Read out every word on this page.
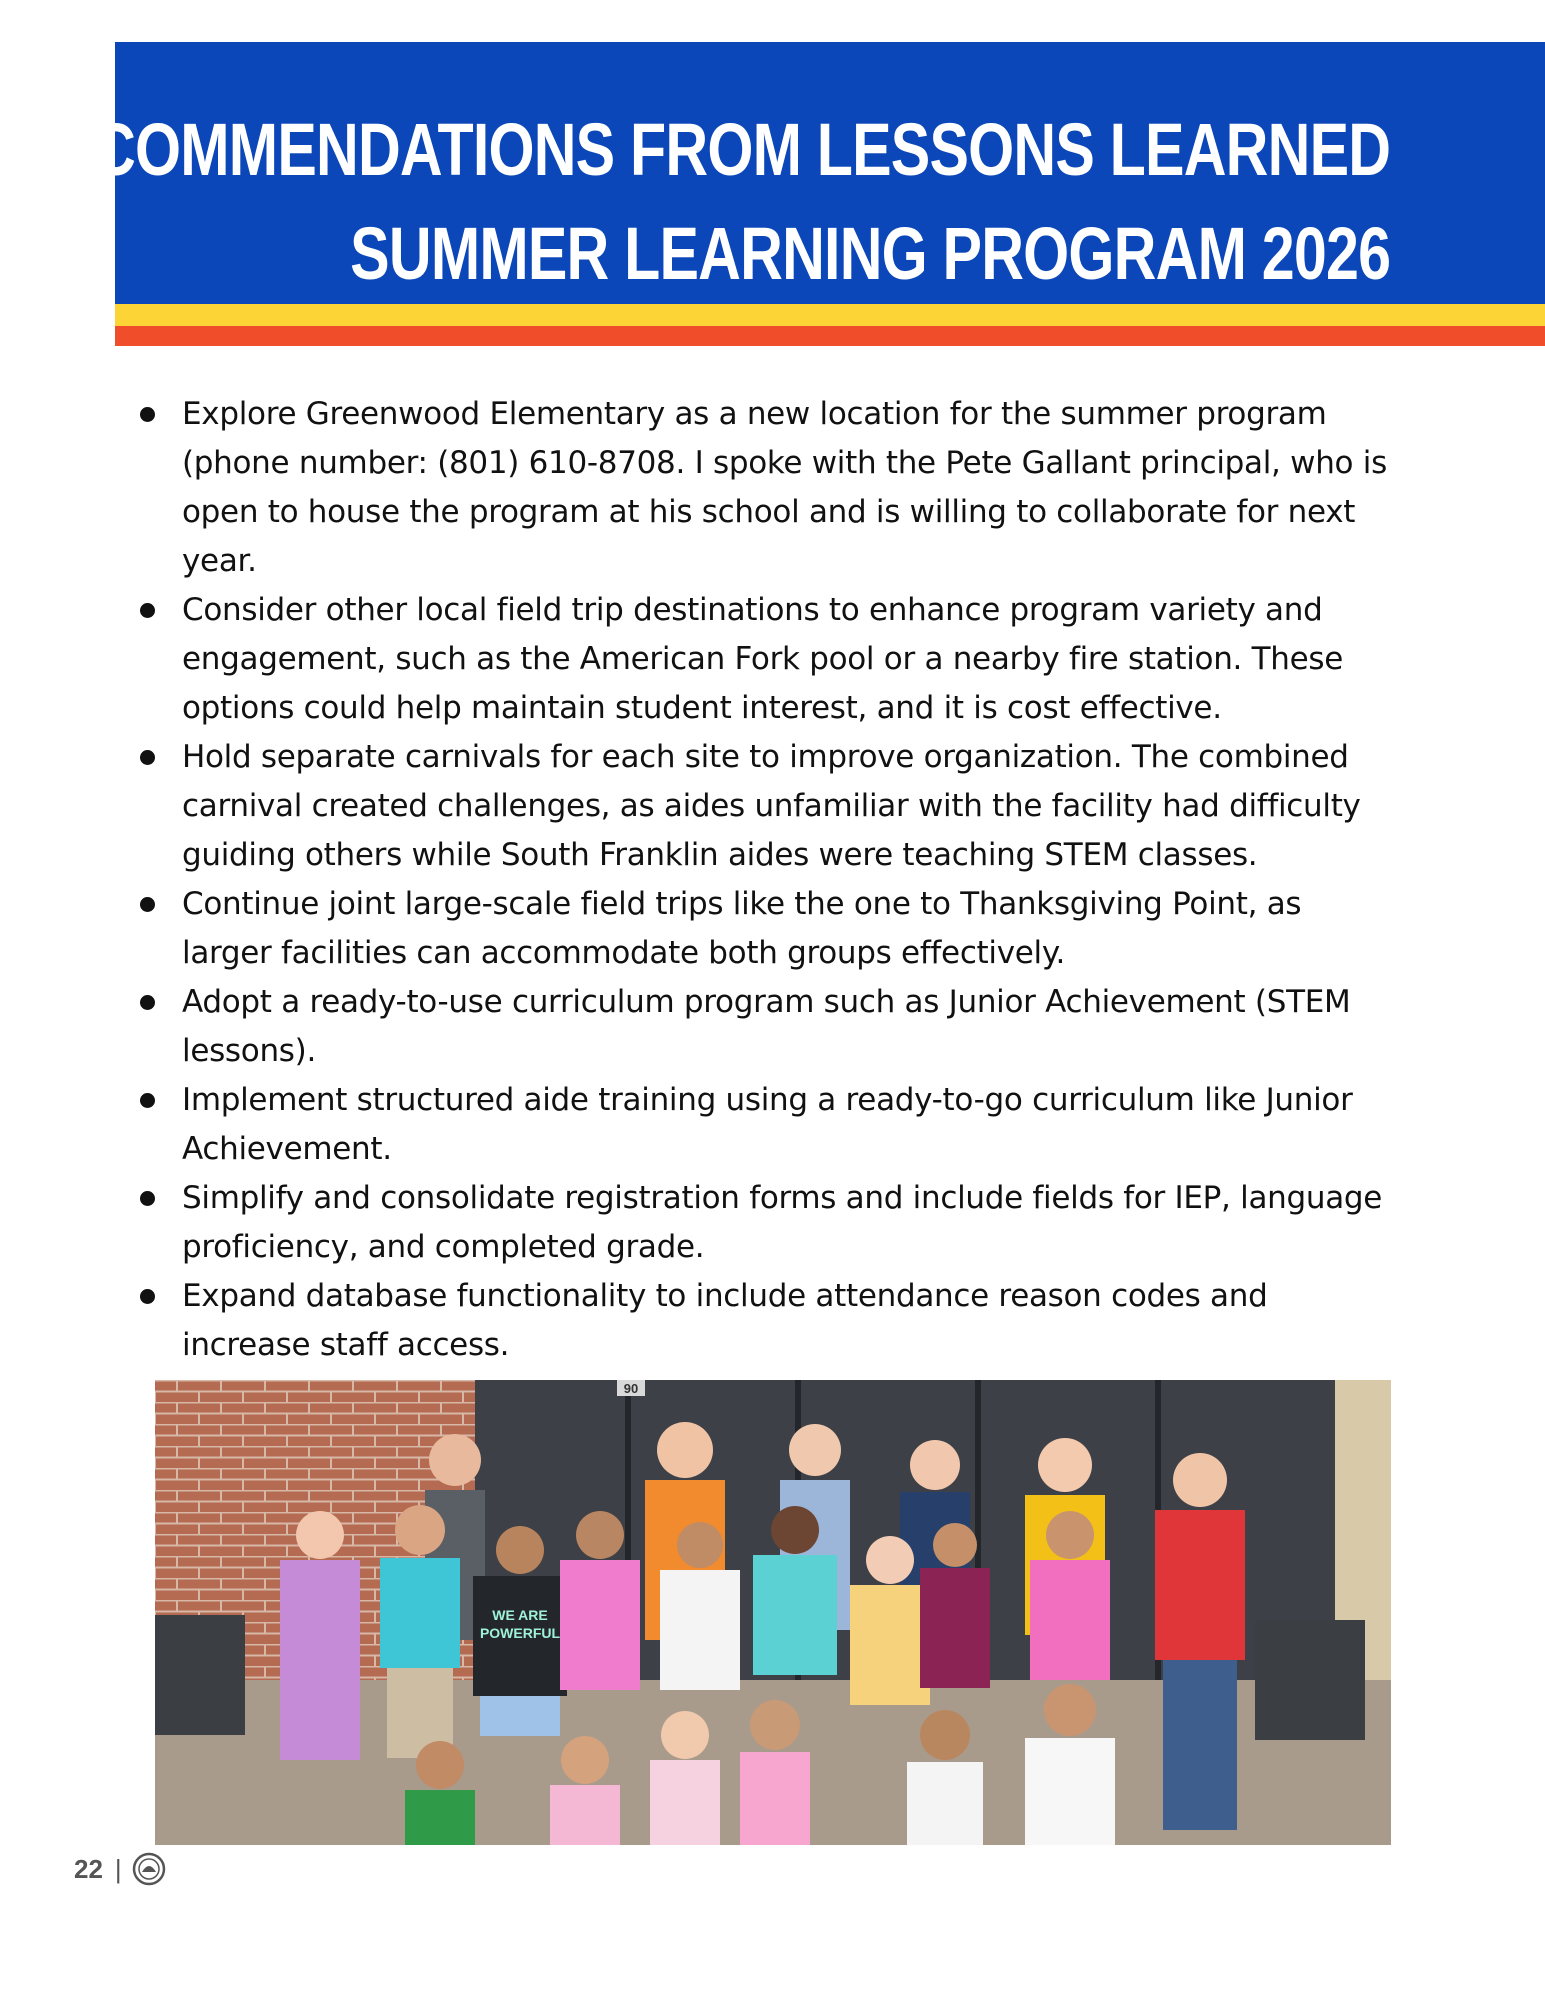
RECOMMENDATIONS FROM LESSONS LEARNED
SUMMER LEARNING PROGRAM 2026
Explore Greenwood Elementary as a new location for the summer program (phone number: (801) 610-8708. I spoke with the Pete Gallant principal, who is open to house the program at his school and is willing to collaborate for next year.
Consider other local field trip destinations to enhance program variety and engagement, such as the American Fork pool or a nearby fire station. These options could help maintain student interest, and it is cost effective.
Hold separate carnivals for each site to improve organization. The combined carnival created challenges, as aides unfamiliar with the facility had difficulty guiding others while South Franklin aides were teaching STEM classes.
Continue joint large-scale field trips like the one to Thanksgiving Point, as larger facilities can accommodate both groups effectively.
Adopt a ready-to-use curriculum program such as Junior Achievement (STEM lessons).
Implement structured aide training using a ready-to-go curriculum like Junior Achievement.
Simplify and consolidate registration forms and include fields for IEP, language proficiency, and completed grade.
Expand database functionality to include attendance reason codes and increase staff access.
90
WE ARE
POWERFUL
22 |
